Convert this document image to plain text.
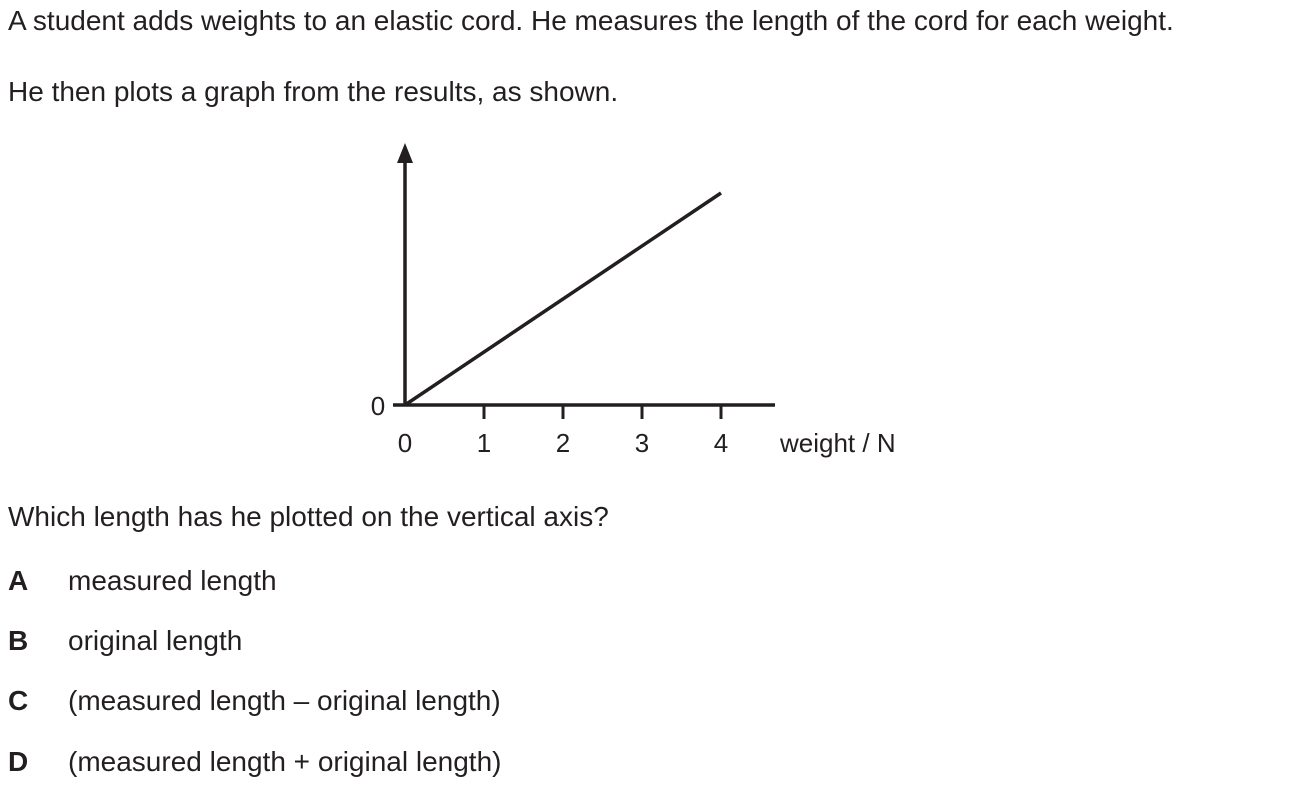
A student adds weights to an elastic cord. He measures the length of the cord for each weight.
He then plots a graph from the results, as shown.
0 1 2 3 4
0
weight / N
Which length has he plotted on the vertical axis?
A measured length
B original length
C (measured length – original length)
D (measured length + original length)
